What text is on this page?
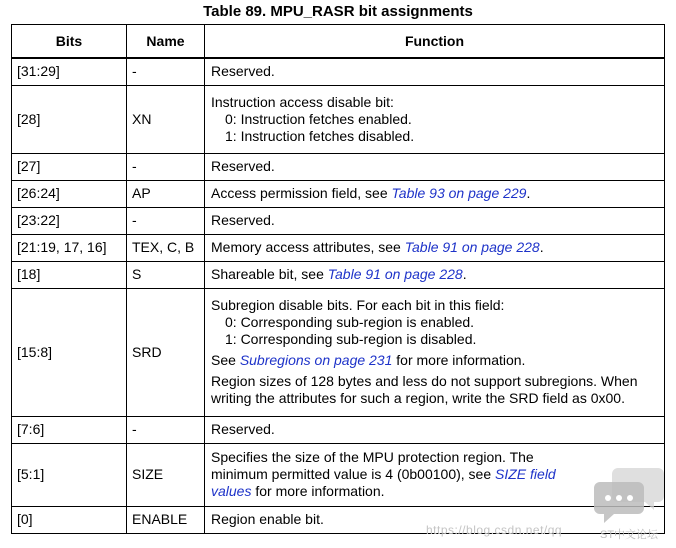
Table 89. MPU_RASR bit assignments
Bits	Name	Function
[31:29]	-	Reserved.
[28]	XN	Instruction access disable bit:
0: Instruction fetches enabled.
1: Instruction fetches disabled.

[27]	-	Reserved.
[26:24]	AP	Access permission field, see Table 93 on page 229.
[23:22]	-	Reserved.
[21:19, 17, 16]	TEX, C, B	Memory access attributes, see Table 91 on page 228.
[18]	S	Shareable bit, see Table 91 on page 228.
[15:8]	SRD	Subregion disable bits. For each bit in this field:
0: Corresponding sub-region is enabled.
1: Corresponding sub-region is disabled.
See Subregions on page 231 for more information.
Region sizes of 128 bytes and less do not support subregions. When writing the attributes for such a region, write the SRD field as 0x00.

[7:6]	-	Reserved.
[5:1]	SIZE	Specifies the size of the MPU protection region. The minimum permitted value is 4 (0b00100), see SIZE field values for more information.
[0]	ENABLE	Region enable bit.
https://blog.csdn.net/qq	ST中文论坛
